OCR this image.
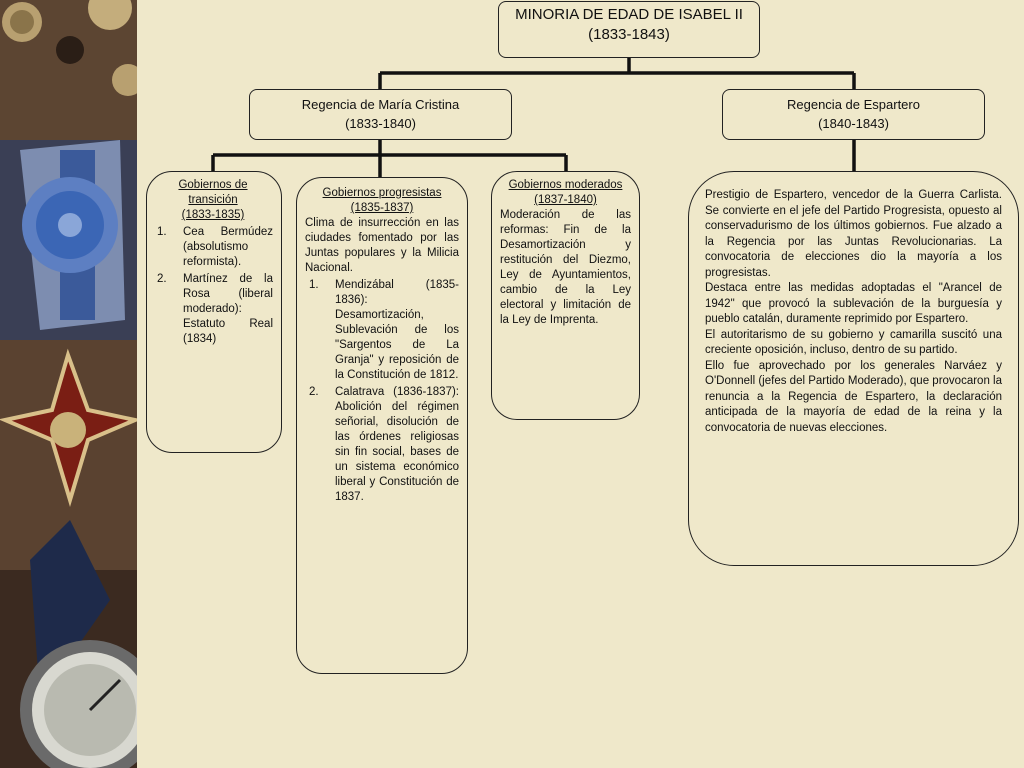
MINORIA DE EDAD DE ISABEL II
(1833-1843)
Regencia de María Cristina
(1833-1840)
Regencia de Espartero
(1840-1843)
Gobiernos de
transición
(1833-1835)
1. Cea Bermúdez (absolutismo reformista).
2. Martínez de la Rosa (liberal moderado): Estatuto Real (1834)
Gobiernos progresistas
(1835-1837)
Clima de insurrección en las ciudades fomentado por las Juntas populares y la Milicia Nacional.
1. Mendizábal (1835-1836): Desamortización, Sublevación de los "Sargentos de La Granja" y reposición de la Constitución de 1812.
2. Calatrava (1836-1837): Abolición del régimen señorial, disolución de las órdenes religiosas sin fin social, bases de un sistema económico liberal y Constitución de 1837.
Gobiernos moderados
(1837-1840)
Moderación de las reformas: Fin de la Desamortización y restitución del Diezmo, Ley de Ayuntamientos, cambio de la Ley electoral y limitación de la Ley de Imprenta.
Prestigio de Espartero, vencedor de la Guerra Carlista. Se convierte en el jefe del Partido Progresista, opuesto al conservadurismo de los últimos gobiernos. Fue alzado a la Regencia por las Juntas Revolucionarias. La convocatoria de elecciones dio la mayoría a los progresistas.
Destaca entre las medidas adoptadas el "Arancel de 1942" que provocó la sublevación de la burguesía y pueblo catalán, duramente reprimido por Espartero.
El autoritarismo de su gobierno y camarilla suscitó una creciente oposición, incluso, dentro de su partido.
Ello fue aprovechado por los generales Narváez y O'Donnell (jefes del Partido Moderado), que provocaron la renuncia a la Regencia de Espartero, la declaración anticipada de la mayoría de edad de la reina y la convocatoria de nuevas elecciones.
